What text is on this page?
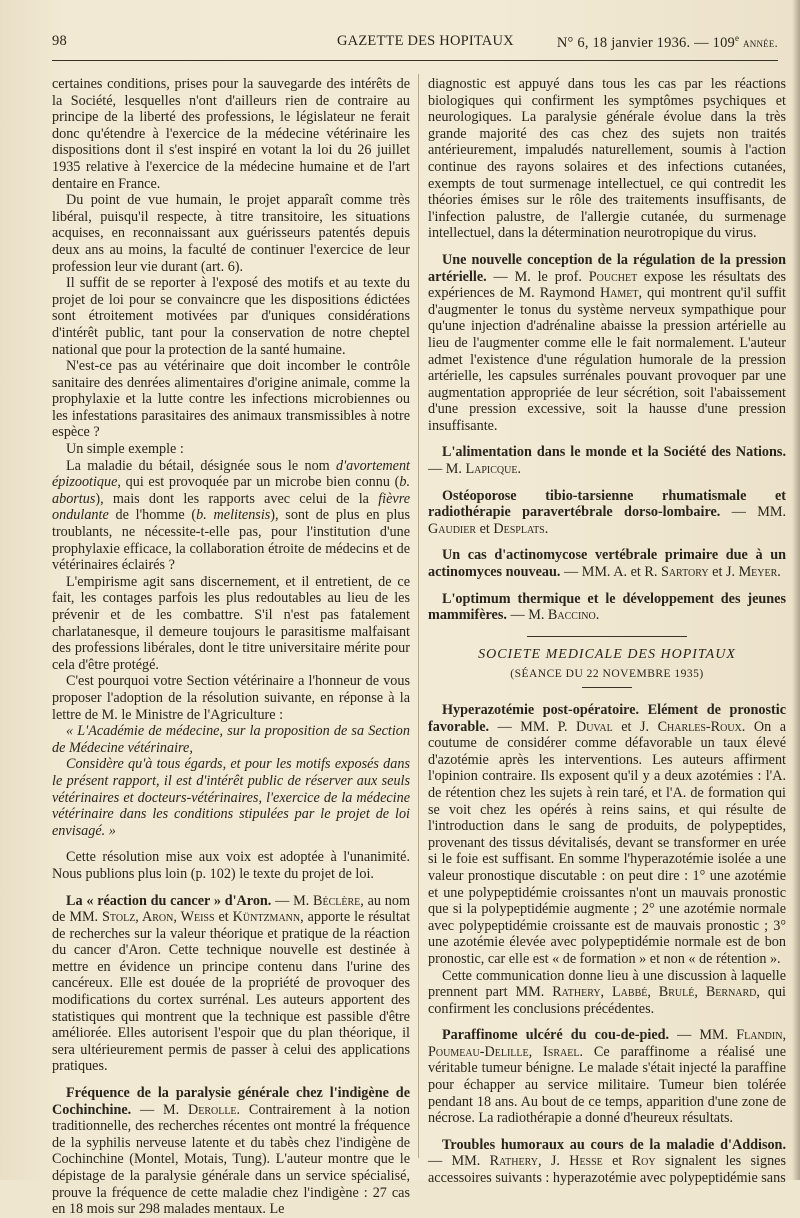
98	GAZETTE DES HOPITAUX	N° 6, 18 janvier 1936. — 109e année.

certaines conditions, prises pour la sauvegarde des intérêts de la Société, lesquelles n'ont d'ailleurs rien de contraire au principe de la liberté des professions, le législateur ne ferait donc qu'étendre à l'exercice de la médecine vétérinaire les dispositions dont il s'est inspiré en votant la loi du 26 juillet 1935 relative à l'exercice de la médecine humaine et de l'art dentaire en France.

Du point de vue humain, le projet apparaît comme très libéral, puisqu'il respecte, à titre transitoire, les situations acquises, en reconnaissant aux guérisseurs patentés depuis deux ans au moins, la faculté de continuer l'exercice de leur profession leur vie durant (art. 6).

Il suffit de se reporter à l'exposé des motifs et au texte du projet de loi pour se convaincre que les dispositions édictées sont étroitement motivées par d'uniques considérations d'intérêt public, tant pour la conservation de notre cheptel national que pour la protection de la santé humaine.

N'est-ce pas au vétérinaire que doit incomber le contrôle sanitaire des denrées alimentaires d'origine animale, comme la prophylaxie et la lutte contre les infections microbiennes ou les infestations parasitaires des animaux transmissibles à notre espèce ?

Un simple exemple :

La maladie du bétail, désignée sous le nom d'avortement épizootique, qui est provoquée par un microbe bien connu (b. abortus), mais dont les rapports avec celui de la fièvre ondulante de l'homme (b. melitensis), sont de plus en plus troublants, ne nécessite-t-elle pas, pour l'institution d'une prophylaxie efficace, la collaboration étroite de médecins et de vétérinaires éclairés ?

L'empirisme agit sans discernement, et il entretient, de ce fait, les contages parfois les plus redoutables au lieu de les prévenir et de les combattre. S'il n'est pas fatalement charlatanesque, il demeure toujours le parasitisme malfaisant des professions libérales, dont le titre universitaire mérite pour cela d'être protégé.

C'est pourquoi votre Section vétérinaire a l'honneur de vous proposer l'adoption de la résolution suivante, en réponse à la lettre de M. le Ministre de l'Agriculture :

« L'Académie de médecine, sur la proposition de sa Section de Médecine vétérinaire,

Considère qu'à tous égards, et pour les motifs exposés dans le présent rapport, il est d'intérêt public de réserver aux seuls vétérinaires et docteurs-vétérinaires, l'exercice de la médecine vétérinaire dans les conditions stipulées par le projet de loi envisagé. »

Cette résolution mise aux voix est adoptée à l'unanimité. Nous publions plus loin (p. 102) le texte du projet de loi.

La « réaction du cancer » d'Aron. — M. Béclère, au nom de MM. Stolz, Aron, Weiss et Küntzmann, apporte le résultat de recherches sur la valeur théorique et pratique de la réaction du cancer d'Aron. Cette technique nouvelle est destinée à mettre en évidence un principe contenu dans l'urine des cancéreux. Elle est douée de la propriété de provoquer des modifications du cortex surrénal. Les auteurs apportent des statistiques qui montrent que la technique est passible d'être améliorée. Elles autorisent l'espoir que du plan théorique, il sera ultérieurement permis de passer à celui des applications pratiques.

Fréquence de la paralysie générale chez l'indigène de Cochinchine. — M. Derolle. Contrairement à la notion traditionnelle, des recherches récentes ont montré la fréquence de la syphilis nerveuse latente et du tabès chez l'indigène de Cochinchine (Montel, Motais, Tung). L'auteur montre que le dépistage de la paralysie générale dans un service spécialisé, prouve la fréquence de cette maladie chez l'indigène : 27 cas en 18 mois sur 298 malades mentaux. Le

diagnostic est appuyé dans tous les cas par les réactions biologiques qui confirment les symptômes psychiques et neurologiques. La paralysie générale évolue dans la très grande majorité des cas chez des sujets non traités antérieurement, impaludés naturellement, soumis à l'action continue des rayons solaires et des infections cutanées, exempts de tout surmenage intellectuel, ce qui contredit les théories émises sur le rôle des traitements insuffisants, de l'infection palustre, de l'allergie cutanée, du surmenage intellectuel, dans la détermination neurotropique du virus.

Une nouvelle conception de la régulation de la pression artérielle. — M. le prof. Pouchet expose les résultats des expériences de M. Raymond Hamet, qui montrent qu'il suffit d'augmenter le tonus du système nerveux sympathique pour qu'une injection d'adrénaline abaisse la pression artérielle au lieu de l'augmenter comme elle le fait normalement. L'auteur admet l'existence d'une régulation humorale de la pression artérielle, les capsules surrénales pouvant provoquer par une augmentation appropriée de leur sécrétion, soit l'abaissement d'une pression excessive, soit la hausse d'une pression insuffisante.

L'alimentation dans le monde et la Société des Nations. — M. Lapicque.

Ostéoporose tibio-tarsienne rhumatismale et radiothérapie paravertébrale dorso-lombaire. — MM. Gaudier et Desplats.

Un cas d'actinomycose vertébrale primaire due à un actinomyces nouveau. — MM. A. et R. Sartory et J. Meyer.

L'optimum thermique et le développement des jeunes mammifères. — M. Baccino.

SOCIETE MEDICALE DES HOPITAUX
(SÉANCE DU 22 NOVEMBRE 1935)

Hyperazotémie post-opératoire. Elément de pronostic favorable. — MM. P. Duval et J. Charles-Roux. On a coutume de considérer comme défavorable un taux élevé d'azotémie après les interventions. Les auteurs affirment l'opinion contraire. Ils exposent qu'il y a deux azotémies : l'A. de rétention chez les sujets à rein taré, et l'A. de formation qui se voit chez les opérés à reins sains, et qui résulte de l'introduction dans le sang de produits, de polypeptides, provenant des tissus dévitalisés, devant se transformer en urée si le foie est suffisant. En somme l'hyperazotémie isolée a une valeur pronostique discutable : on peut dire : 1° une azotémie et une polypeptidémie croissantes n'ont un mauvais pronostic que si la polypeptidémie augmente ; 2° une azotémie normale avec polypeptidémie croissante est de mauvais pronostic ; 3° une azotémie élevée avec polypeptidémie normale est de bon pronostic, car elle est « de formation » et non « de rétention ».

Cette communication donne lieu à une discussion à laquelle prennent part MM. Rathery, Labbé, Brulé, Bernard, qui confirment les conclusions précédentes.

Paraffinome ulcéré du cou-de-pied. — MM. Flandin, Poumeau-Delille, Israel. Ce paraffinome a réalisé une véritable tumeur bénigne. Le malade s'était injecté la paraffine pour échapper au service militaire. Tumeur bien tolérée pendant 18 ans. Au bout de ce temps, apparition d'une zone de nécrose. La radiothérapie a donné d'heureux résultats.

Troubles humoraux au cours de la maladie d'Addison. — MM. Rathery, J. Hesse et Roy signalent les signes accessoires suivants : hyperazotémie avec polypeptidémie sans
